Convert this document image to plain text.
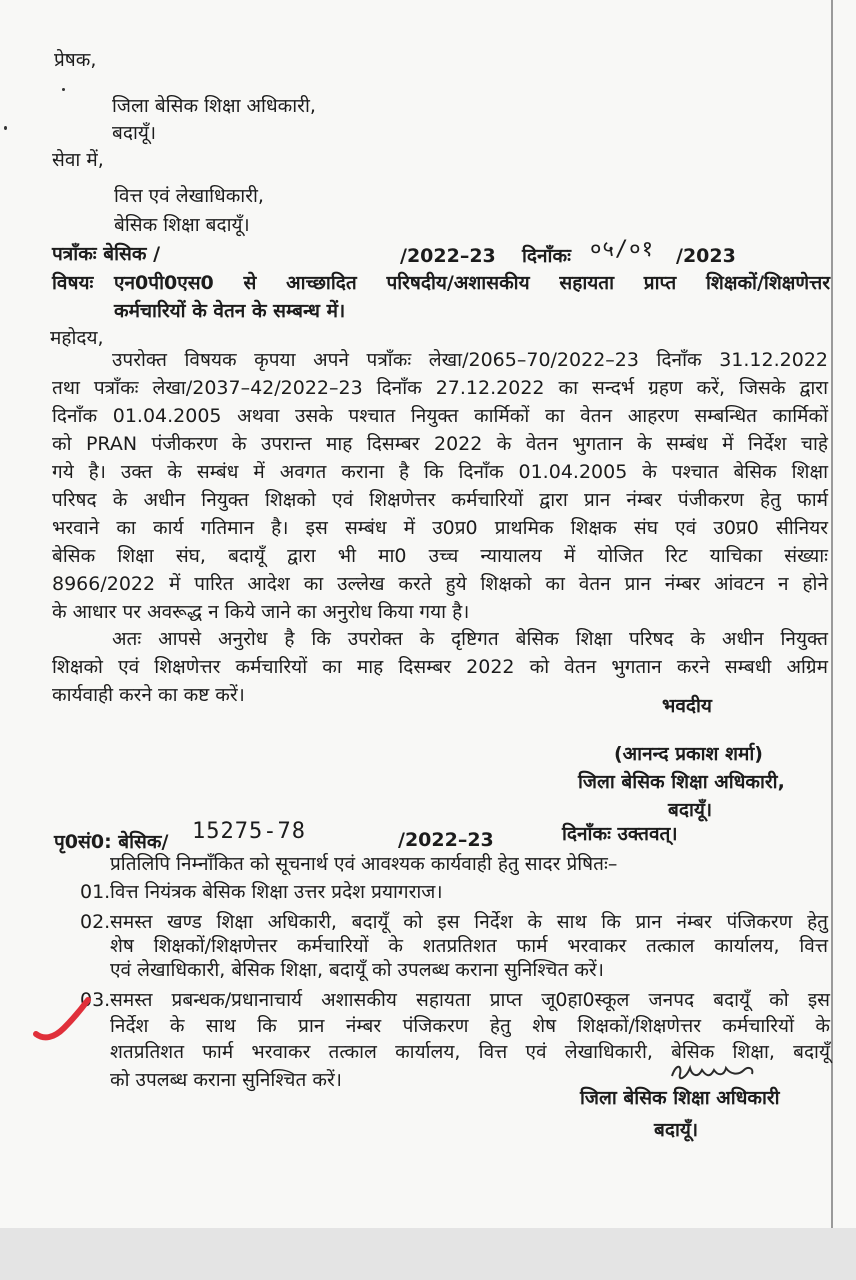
प्रेषक,
जिला बेसिक शिक्षा अधिकारी,
बदायूँ।
सेवा में,
वित्त एवं लेखाधिकारी,
बेसिक शिक्षा बदायूँ।
पत्राँकः बेसिक /	/2022–23 दिनाँकः ०५/०१ /2023
विषयः एन0पी0एस0 से आच्छादित परिषदीय/अशासकीय सहायता प्राप्त शिक्षकों/शिक्षणेत्तर
कर्मचारियों के वेतन के सम्बन्ध में।
महोदय,
उपरोक्त विषयक कृपया अपने पत्राँकः लेखा/2065–70/2022–23 दिनाँक 31.12.2022
तथा पत्राँकः लेखा/2037–42/2022–23 दिनाँक 27.12.2022 का सन्दर्भ ग्रहण करें, जिसके द्वारा
दिनाँक 01.04.2005 अथवा उसके पश्चात नियुक्त कार्मिकों का वेतन आहरण सम्बन्धित कार्मिकों
को PRAN पंजीकरण के उपरान्त माह दिसम्बर 2022 के वेतन भुगतान के सम्बंध में निर्देश चाहे
गये है। उक्त के सम्बंध में अवगत कराना है कि दिनाँक 01.04.2005 के पश्चात बेसिक शिक्षा
परिषद के अधीन नियुक्त शिक्षको एवं शिक्षणेत्तर कर्मचारियों द्वारा प्रान नंम्बर पंजीकरण हेतु फार्म
भरवाने का कार्य गतिमान है। इस सम्बंध में उ0प्र0 प्राथमिक शिक्षक संघ एवं उ0प्र0 सीनियर
बेसिक शिक्षा संघ, बदायूँ द्वारा भी मा0 उच्च न्यायालय में योजित रिट याचिका संख्याः
8966/2022 में पारित आदेश का उल्लेख करते हुये शिक्षको का वेतन प्रान नंम्बर आंवटन न होने
के आधार पर अवरूद्ध न किये जाने का अनुरोध किया गया है।
अतः आपसे अनुरोध है कि उपरोक्त के दृष्टिगत बेसिक शिक्षा परिषद के अधीन नियुक्त
शिक्षको एवं शिक्षणेत्तर कर्मचारियों का माह दिसम्बर 2022 को वेतन भुगतान करने सम्बधी अग्रिम
कार्यवाही करने का कष्ट करें।	भवदीय
(आनन्द प्रकाश शर्मा)
जिला बेसिक शिक्षा अधिकारी,
बदायूँ।
पृ0सं0: बेसिक/ 15275-78	/2022–23	दिनाँकः उक्तवत्।
प्रतिलिपि निम्नाँकित को सूचनार्थ एवं आवश्यक कार्यवाही हेतु सादर प्रेषितः–
01. वित्त नियंत्रक बेसिक शिक्षा उत्तर प्रदेश प्रयागराज।
02. समस्त खण्ड शिक्षा अधिकारी, बदायूँ को इस निर्देश के साथ कि प्रान नंम्बर पंजिकरण हेतु
शेष शिक्षकों/शिक्षणेत्तर कर्मचारियों के शतप्रतिशत फार्म भरवाकर तत्काल कार्यालय, वित्त
एवं लेखाधिकारी, बेसिक शिक्षा, बदायूँ को उपलब्ध कराना सुनिश्चित करें।
03. समस्त प्रबन्धक/प्रधानाचार्य अशासकीय सहायता प्राप्त जू0हा0स्कूल जनपद बदायूँ को इस
निर्देश के साथ कि प्रान नंम्बर पंजिकरण हेतु शेष शिक्षकों/शिक्षणेत्तर कर्मचारियों के
शतप्रतिशत फार्म भरवाकर तत्काल कार्यालय, वित्त एवं लेखाधिकारी, बेसिक शिक्षा, बदायूँ
को उपलब्ध कराना सुनिश्चित करें।
जिला बेसिक शिक्षा अधिकारी
बदायूँ।
